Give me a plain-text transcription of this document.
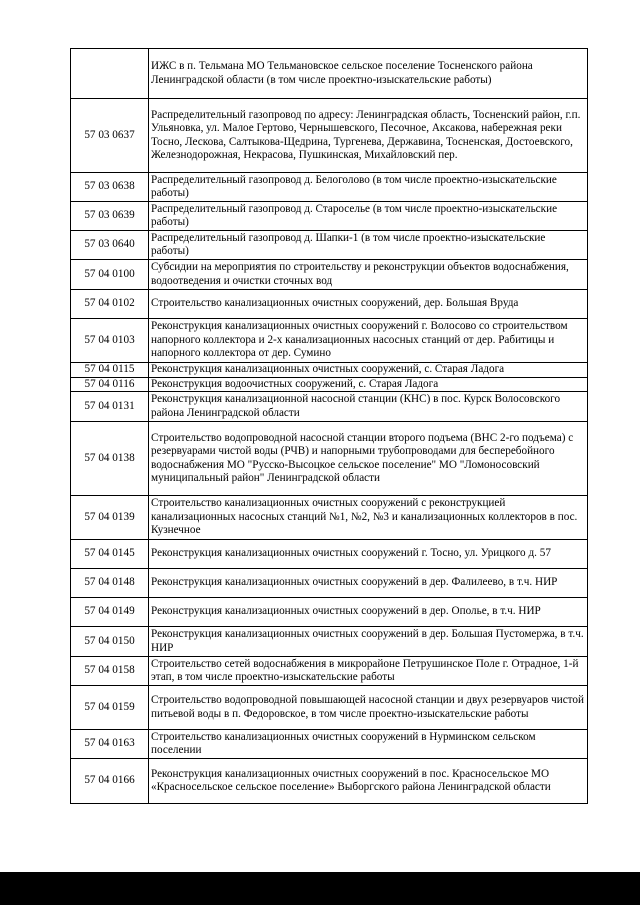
	ИЖС в п. Тельмана МО Тельмановское сельское поселение Тосненского района Ленинградской области (в том числе проектно-изыскательские работы)
57 03 0637	Распределительный газопровод по адресу: Ленинградская область, Тосненский район, г.п. Ульяновка, ул. Малое Гертово, Чернышевского, Песочное, Аксакова, набережная реки Тосно, Лескова, Салтыкова-Щедрина, Тургенева, Державина, Тосненская, Достоевского, Железнодорожная, Некрасова, Пушкинская, Михайловский пер.
57 03 0638	Распределительный газопровод д. Белоголово (в том числе проектно-изыскательские работы)
57 03 0639	Распределительный газопровод д. Староселье (в том числе проектно-изыскательские работы)
57 03 0640	Распределительный газопровод д. Шапки-1 (в том числе проектно-изыскательские работы)
57 04 0100	Субсидии на мероприятия по строительству и реконструкции объектов водоснабжения, водоотведения и очистки сточных вод
57 04 0102	Строительство канализационных очистных сооружений, дер. Большая Вруда
57 04 0103	Реконструкция канализационных очистных сооружений г. Волосово со строительством напорного коллектора и 2-х канализационных насосных станций от дер. Рабитицы и напорного коллектора от дер. Сумино
57 04 0115	Реконструкция канализационных очистных сооружений, с. Старая Ладога
57 04 0116	Реконструкция водоочистных сооружений, с. Старая Ладога
57 04 0131	Реконструкция канализационной насосной станции (КНС) в пос. Курск Волосовского района Ленинградской области
57 04 0138	Строительство водопроводной насосной станции второго подъема (ВНС 2-го подъема) с резервуарами чистой воды (РЧВ) и напорными трубопроводами для бесперебойного водоснабжения МО "Русско-Высоцкое сельское поселение" МО "Ломоносовский муниципальный район" Ленинградской области
57 04 0139	Строительство канализационных очистных сооружений с реконструкцией канализационных насосных станций №1, №2, №3 и канализационных коллекторов в пос. Кузнечное
57 04 0145	Реконструкция канализационных очистных сооружений г. Тосно, ул. Урицкого д. 57
57 04 0148	Реконструкция канализационных очистных сооружений в дер. Фалилеево, в т.ч. НИР
57 04 0149	Реконструкция канализационных очистных сооружений в дер. Ополье, в т.ч. НИР
57 04 0150	Реконструкция канализационных очистных сооружений в дер. Большая Пустомержа, в т.ч. НИР
57 04 0158	Строительство сетей водоснабжения в микрорайоне Петрушинское Поле г. Отрадное, 1-й этап, в том числе проектно-изыскательские работы
57 04 0159	Строительство водопроводной повышающей насосной станции и двух резервуаров чистой питьевой воды в п. Федоровское, в том числе проектно-изыскательские работы
57 04 0163	Строительство канализационных очистных сооружений в Нурминском сельском поселении
57 04 0166	Реконструкция канализационных очистных сооружений в пос. Красносельское МО «Красносельское сельское поселение» Выборгского района Ленинградской области
